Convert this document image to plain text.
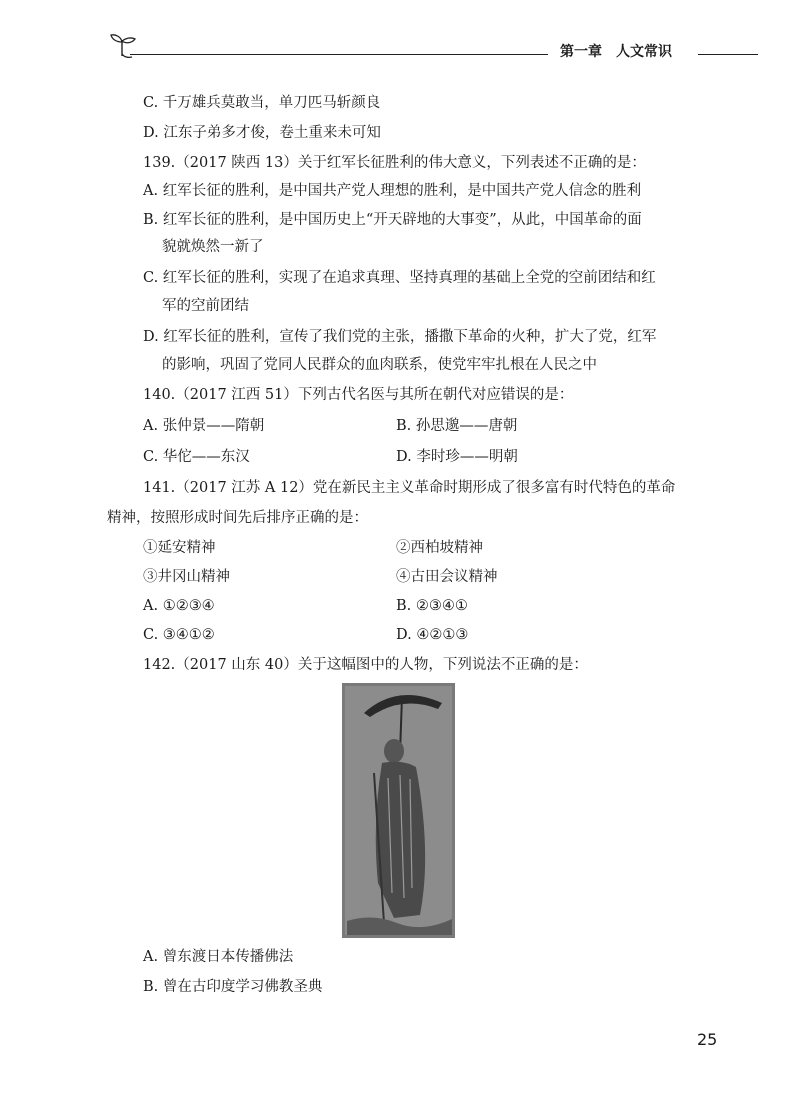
第一章　人文常识
C. 千万雄兵莫敢当，单刀匹马斩颜良
D. 江东子弟多才俊，卷土重来未可知
139.（2017 陕西 13）关于红军长征胜利的伟大意义，下列表述不正确的是：
A. 红军长征的胜利，是中国共产党人理想的胜利，是中国共产党人信念的胜利
B. 红军长征的胜利，是中国历史上“开天辟地的大事变”，从此，中国革命的面
貌就焕然一新了
C. 红军长征的胜利，实现了在追求真理、坚持真理的基础上全党的空前团结和红
军的空前团结
D. 红军长征的胜利，宣传了我们党的主张，播撒下革命的火种，扩大了党，红军
的影响，巩固了党同人民群众的血肉联系，使党牢牢扎根在人民之中
140.（2017 江西 51）下列古代名医与其所在朝代对应错误的是：
A. 张仲景——隋朝	B. 孙思邈——唐朝
C. 华佗——东汉	D. 李时珍——明朝
141.（2017 江苏 A 12）党在新民主主义革命时期形成了很多富有时代特色的革命
精神，按照形成时间先后排序正确的是：
①延安精神	②西柏坡精神
③井冈山精神	④古田会议精神
A. ①②③④	B. ②③④①
C. ③④①②	D. ④②①③
142.（2017 山东 40）关于这幅图中的人物，下列说法不正确的是：
A. 曾东渡日本传播佛法
B. 曾在古印度学习佛教圣典
25
